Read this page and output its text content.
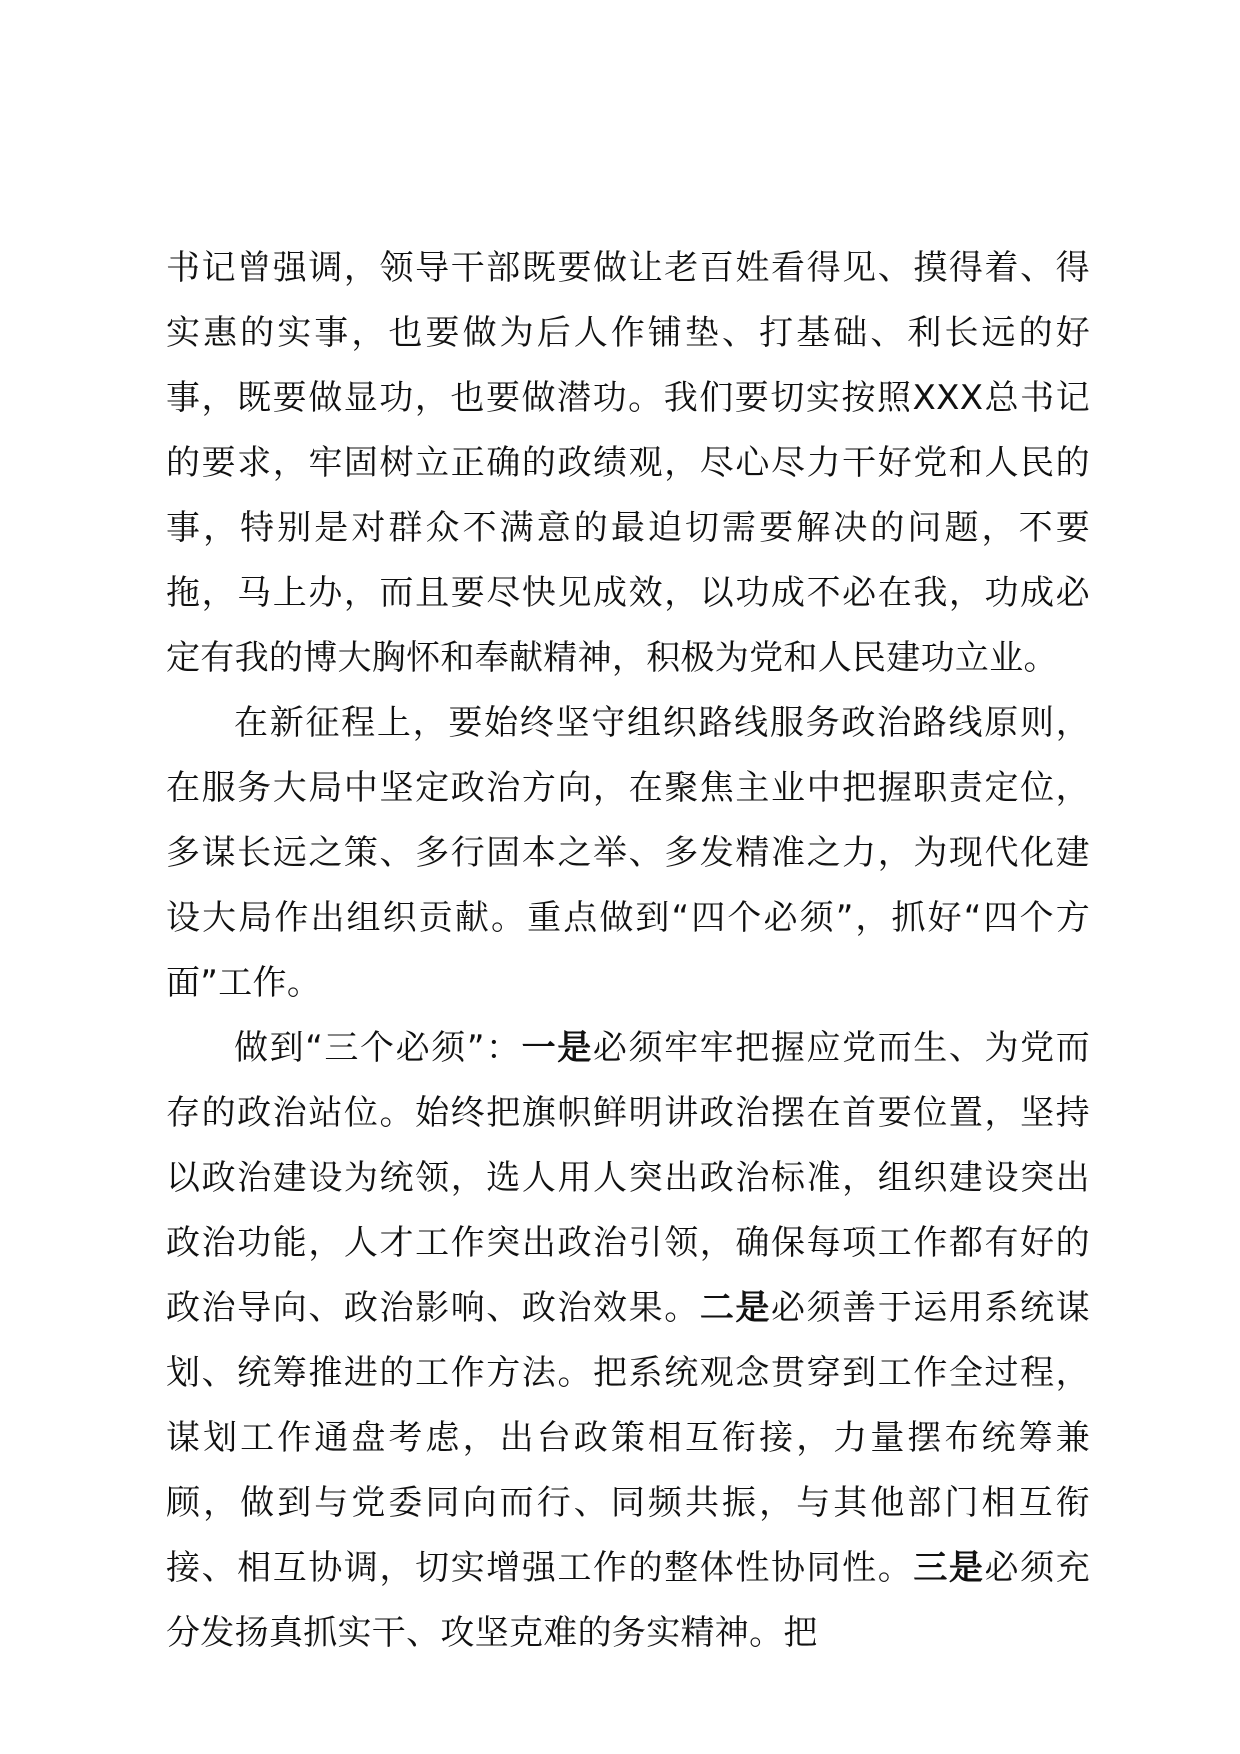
书记曾强调，领导干部既要做让老百姓看得见、摸得着、得实惠的实事，也要做为后人作铺垫、打基础、利长远的好事，既要做显功，也要做潜功。我们要切实按照XXX总书记的要求，牢固树立正确的政绩观，尽心尽力干好党和人民的事，特别是对群众不满意的最迫切需要解决的问题，不要拖，马上办，而且要尽快见成效，以功成不必在我，功成必定有我的博大胸怀和奉献精神，积极为党和人民建功立业。

在新征程上，要始终坚守组织路线服务政治路线原则，在服务大局中坚定政治方向，在聚焦主业中把握职责定位，多谋长远之策、多行固本之举、多发精准之力，为现代化建设大局作出组织贡献。重点做到“四个必须”，抓好“四个方面”工作。

做到“三个必须”：一是必须牢牢把握应党而生、为党而存的政治站位。始终把旗帜鲜明讲政治摆在首要位置，坚持以政治建设为统领，选人用人突出政治标准，组织建设突出政治功能，人才工作突出政治引领，确保每项工作都有好的政治导向、政治影响、政治效果。二是必须善于运用系统谋划、统筹推进的工作方法。把系统观念贯穿到工作全过程，谋划工作通盘考虑，出台政策相互衔接，力量摆布统筹兼顾，做到与党委同向而行、同频共振，与其他部门相互衔接、相互协调，切实增强工作的整体性协同性。三是必须充分发扬真抓实干、攻坚克难的务实精神。把
